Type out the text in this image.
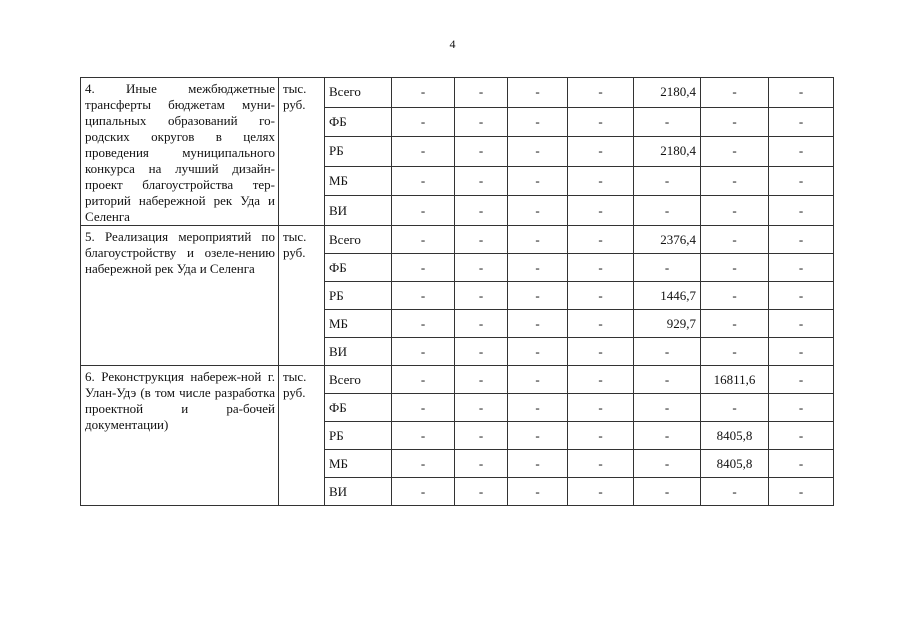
4
4. Иные межбюджетные трансферты бюджетам муни-ципальных образований го-родских округов в целях проведения муниципального конкурса на лучший дизайн-проект благоустройства тер-риторий набережной рек Уда и Селенга	тыс. руб.	Всего	-	-	-	-	2180,4	-	-
		ФБ	-	-	-	-	-	-	-
		РБ	-	-	-	-	2180,4	-	-
		МБ	-	-	-	-	-	-	-
		ВИ	-	-	-	-	-	-	-
5. Реализация мероприятий по благоустройству и озеле-нению набережной рек Уда и Селенга	тыс. руб.	Всего	-	-	-	-	2376,4	-	-
		ФБ	-	-	-	-	-	-	-
		РБ	-	-	-	-	1446,7	-	-
		МБ	-	-	-	-	929,7	-	-
		ВИ	-	-	-	-	-	-	-
6. Реконструкция набереж-ной г. Улан-Удэ (в том числе разработка проектной и ра-бочей документации)	тыс. руб.	Всего	-	-	-	-	-	16811,6	-
		ФБ	-	-	-	-	-	-	-
		РБ	-	-	-	-	-	8405,8	-
		МБ	-	-	-	-	-	8405,8	-
		ВИ	-	-	-	-	-	-	-
